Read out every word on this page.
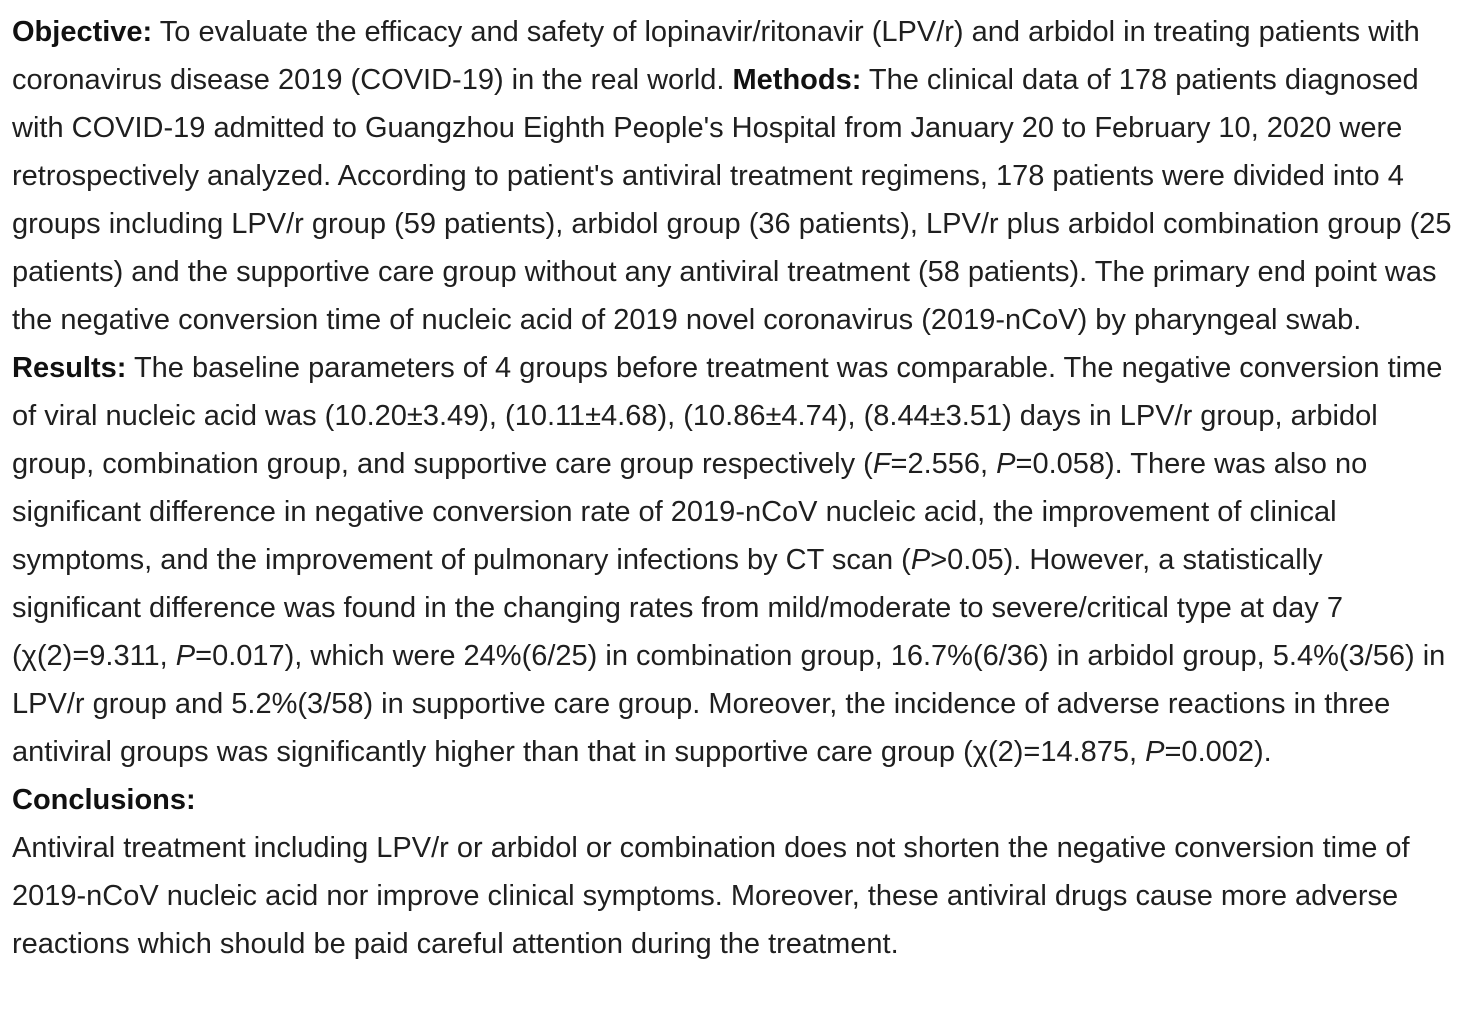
Objective: To evaluate the efficacy and safety of lopinavir/ritonavir (LPV/r) and arbidol in treating patients with coronavirus disease 2019 (COVID-19) in the real world. Methods: The clinical data of 178 patients diagnosed with COVID-19 admitted to Guangzhou Eighth People's Hospital from January 20 to February 10, 2020 were retrospectively analyzed. According to patient's antiviral treatment regimens, 178 patients were divided into 4 groups including LPV/r group (59 patients), arbidol group (36 patients), LPV/r plus arbidol combination group (25 patients) and the supportive care group without any antiviral treatment (58 patients). The primary end point was the negative conversion time of nucleic acid of 2019 novel coronavirus (2019-nCoV) by pharyngeal swab.
Results: The baseline parameters of 4 groups before treatment was comparable. The negative conversion time of viral nucleic acid was (10.20±3.49), (10.11±4.68), (10.86±4.74), (8.44±3.51) days in LPV/r group, arbidol group, combination group, and supportive care group respectively (F=2.556, P=0.058). There was also no significant difference in negative conversion rate of 2019-nCoV nucleic acid, the improvement of clinical symptoms, and the improvement of pulmonary infections by CT scan (P>0.05). However, a statistically significant difference was found in the changing rates from mild/moderate to severe/critical type at day 7 (χ(2)=9.311, P=0.017), which were 24%(6/25) in combination group, 16.7%(6/36) in arbidol group, 5.4%(3/56) in LPV/r group and 5.2%(3/58) in supportive care group. Moreover, the incidence of adverse reactions in three antiviral groups was significantly higher than that in supportive care group (χ(2)=14.875, P=0.002). Conclusions:
Antiviral treatment including LPV/r or arbidol or combination does not shorten the negative conversion time of 2019-nCoV nucleic acid nor improve clinical symptoms. Moreover, these antiviral drugs cause more adverse reactions which should be paid careful attention during the treatment.
